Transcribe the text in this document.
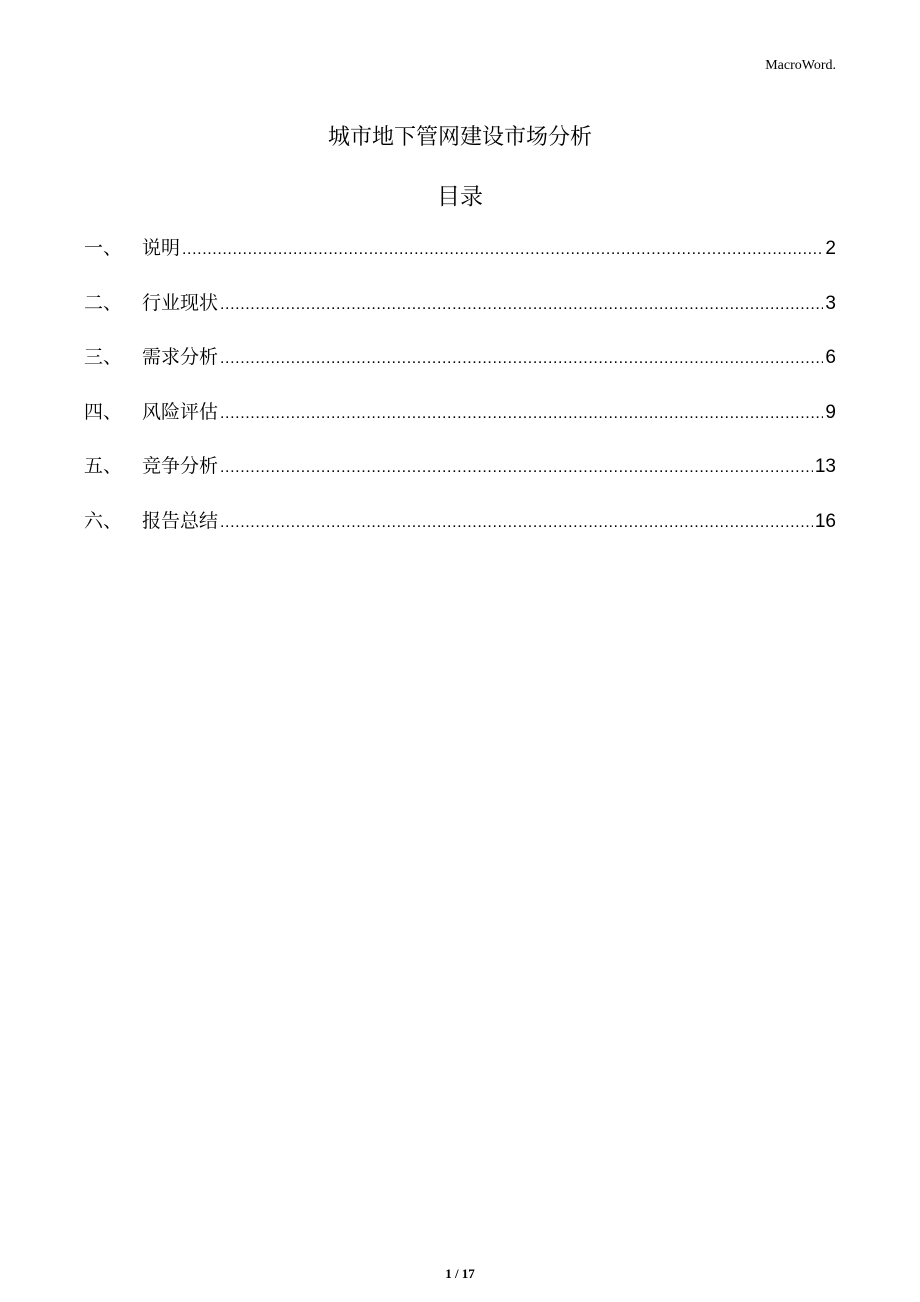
MacroWord.
城市地下管网建设市场分析
目录
一、	说明 .....	2
二、	行业现状 .....	3
三、	需求分析 .....	6
四、	风险评估 .....	9
五、	竞争分析 .....	13
六、	报告总结 .....	16
1 / 17
